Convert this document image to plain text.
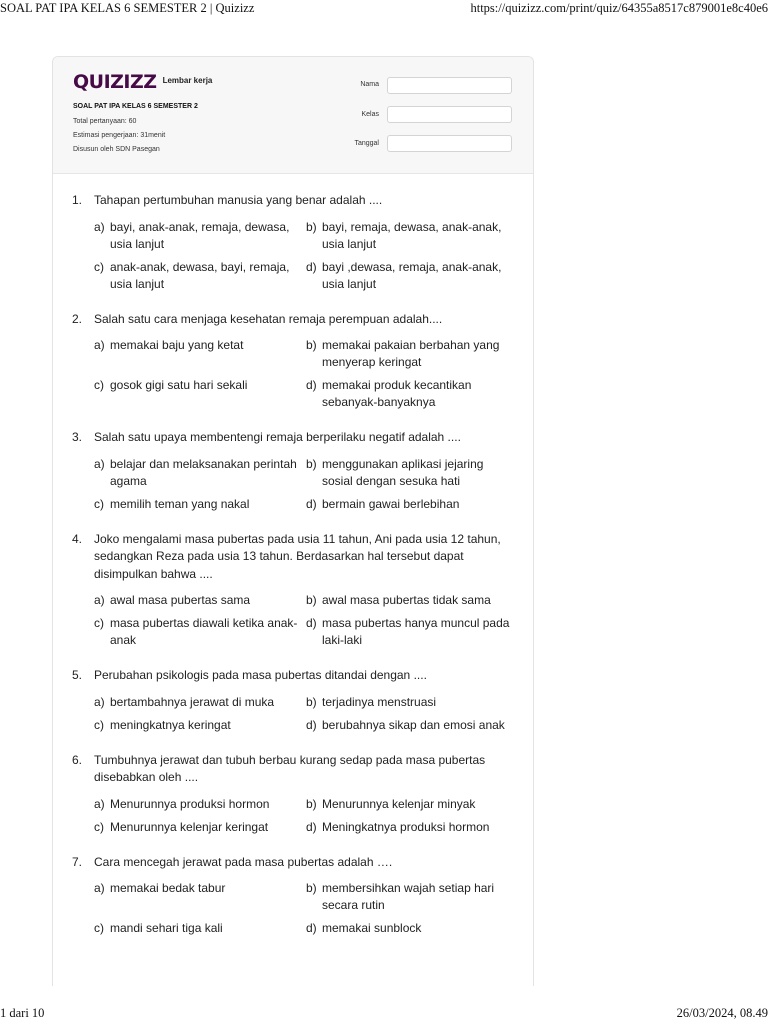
SOAL PAT IPA KELAS 6 SEMESTER 2 | Quizizz	https://quizizz.com/print/quiz/64355a8517c879001e8c40e6
QUIZIZZ Lembar kerja
SOAL PAT IPA KELAS 6 SEMESTER 2
Total pertanyaan: 60
Estimasi pengerjaan: 31menit
Disusun oleh SDN Pasegan
Nama
Kelas
Tanggal
1. Tahapan pertumbuhan manusia yang benar adalah ....
a) bayi, anak-anak, remaja, dewasa, usia lanjut
b) bayi, remaja, dewasa, anak-anak, usia lanjut
c) anak-anak, dewasa, bayi, remaja, usia lanjut
d) bayi ,dewasa, remaja, anak-anak, usia lanjut
2. Salah satu cara menjaga kesehatan remaja perempuan adalah....
a) memakai baju yang ketat	b) memakai pakaian berbahan yang menyerap keringat
c) gosok gigi satu hari sekali	d) memakai produk kecantikan sebanyak-banyaknya
3. Salah satu upaya membentengi remaja berperilaku negatif adalah ....
a) belajar dan melaksanakan perintah agama
b) menggunakan aplikasi jejaring sosial dengan sesuka hati
c) memilih teman yang nakal	d) bermain gawai berlebihan
4. Joko mengalami masa pubertas pada usia 11 tahun, Ani pada usia 12 tahun, sedangkan Reza pada usia 13 tahun. Berdasarkan hal tersebut dapat disimpulkan bahwa ....
a) awal masa pubertas sama	b) awal masa pubertas tidak sama
c) masa pubertas diawali ketika anak-anak
d) masa pubertas hanya muncul pada laki-laki
5. Perubahan psikologis pada masa pubertas ditandai dengan ....
a) bertambahnya jerawat di muka	b) terjadinya menstruasi
c) meningkatnya keringat	d) berubahnya sikap dan emosi anak
6. Tumbuhnya jerawat dan tubuh berbau kurang sedap pada masa pubertas disebabkan oleh ....
a) Menurunnya produksi hormon	b) Menurunnya kelenjar minyak
c) Menurunnya kelenjar keringat	d) Meningkatnya produksi hormon
7. Cara mencegah jerawat pada masa pubertas adalah ….
a) memakai bedak tabur	b) membersihkan wajah setiap hari secara rutin
c) mandi sehari tiga kali	d) memakai sunblock
1 dari 10	26/03/2024, 08.49
